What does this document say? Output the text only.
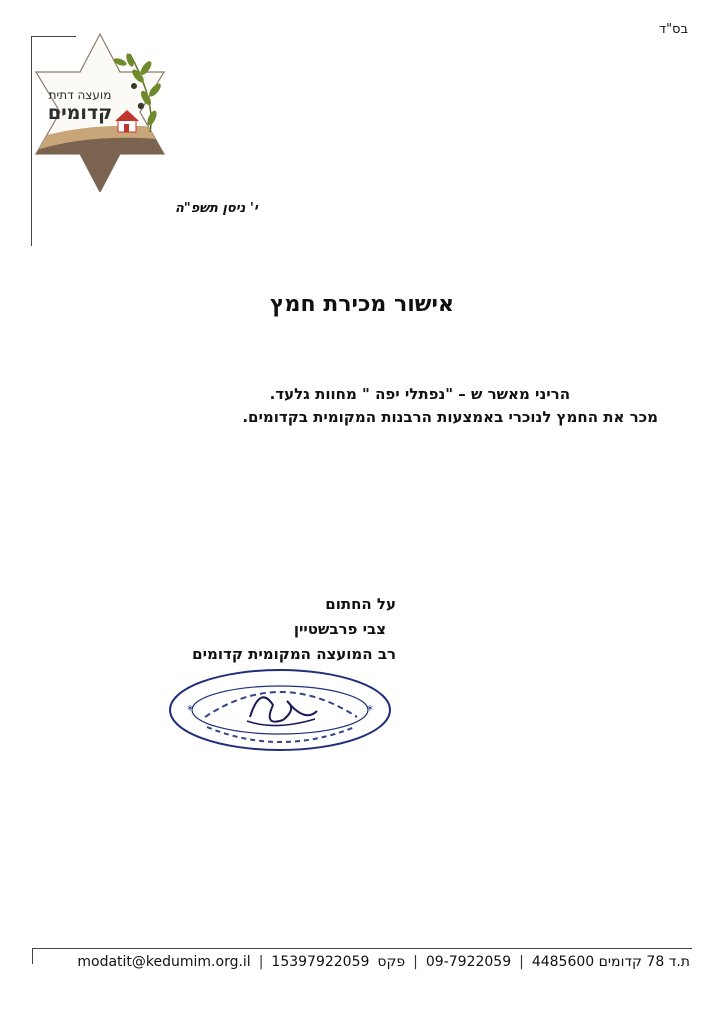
בס"ד
מועצה דתית
קדומים
י' ניסן תשפ"ה
אישור מכירת חמץ
הריני מאשר ש – "נפתלי יפה " מחוות גלעד.
מכר את החמץ לנוכרי באמצעות הרבנות המקומית בקדומים.
על החתום
צבי פרבשטיין
רב המועצה המקומית קדומים
*	*
ת.ד 78 קדומים 4485600
|
09-7922059
|
פקס
15397922059
|
modatit@kedumim.org.il
